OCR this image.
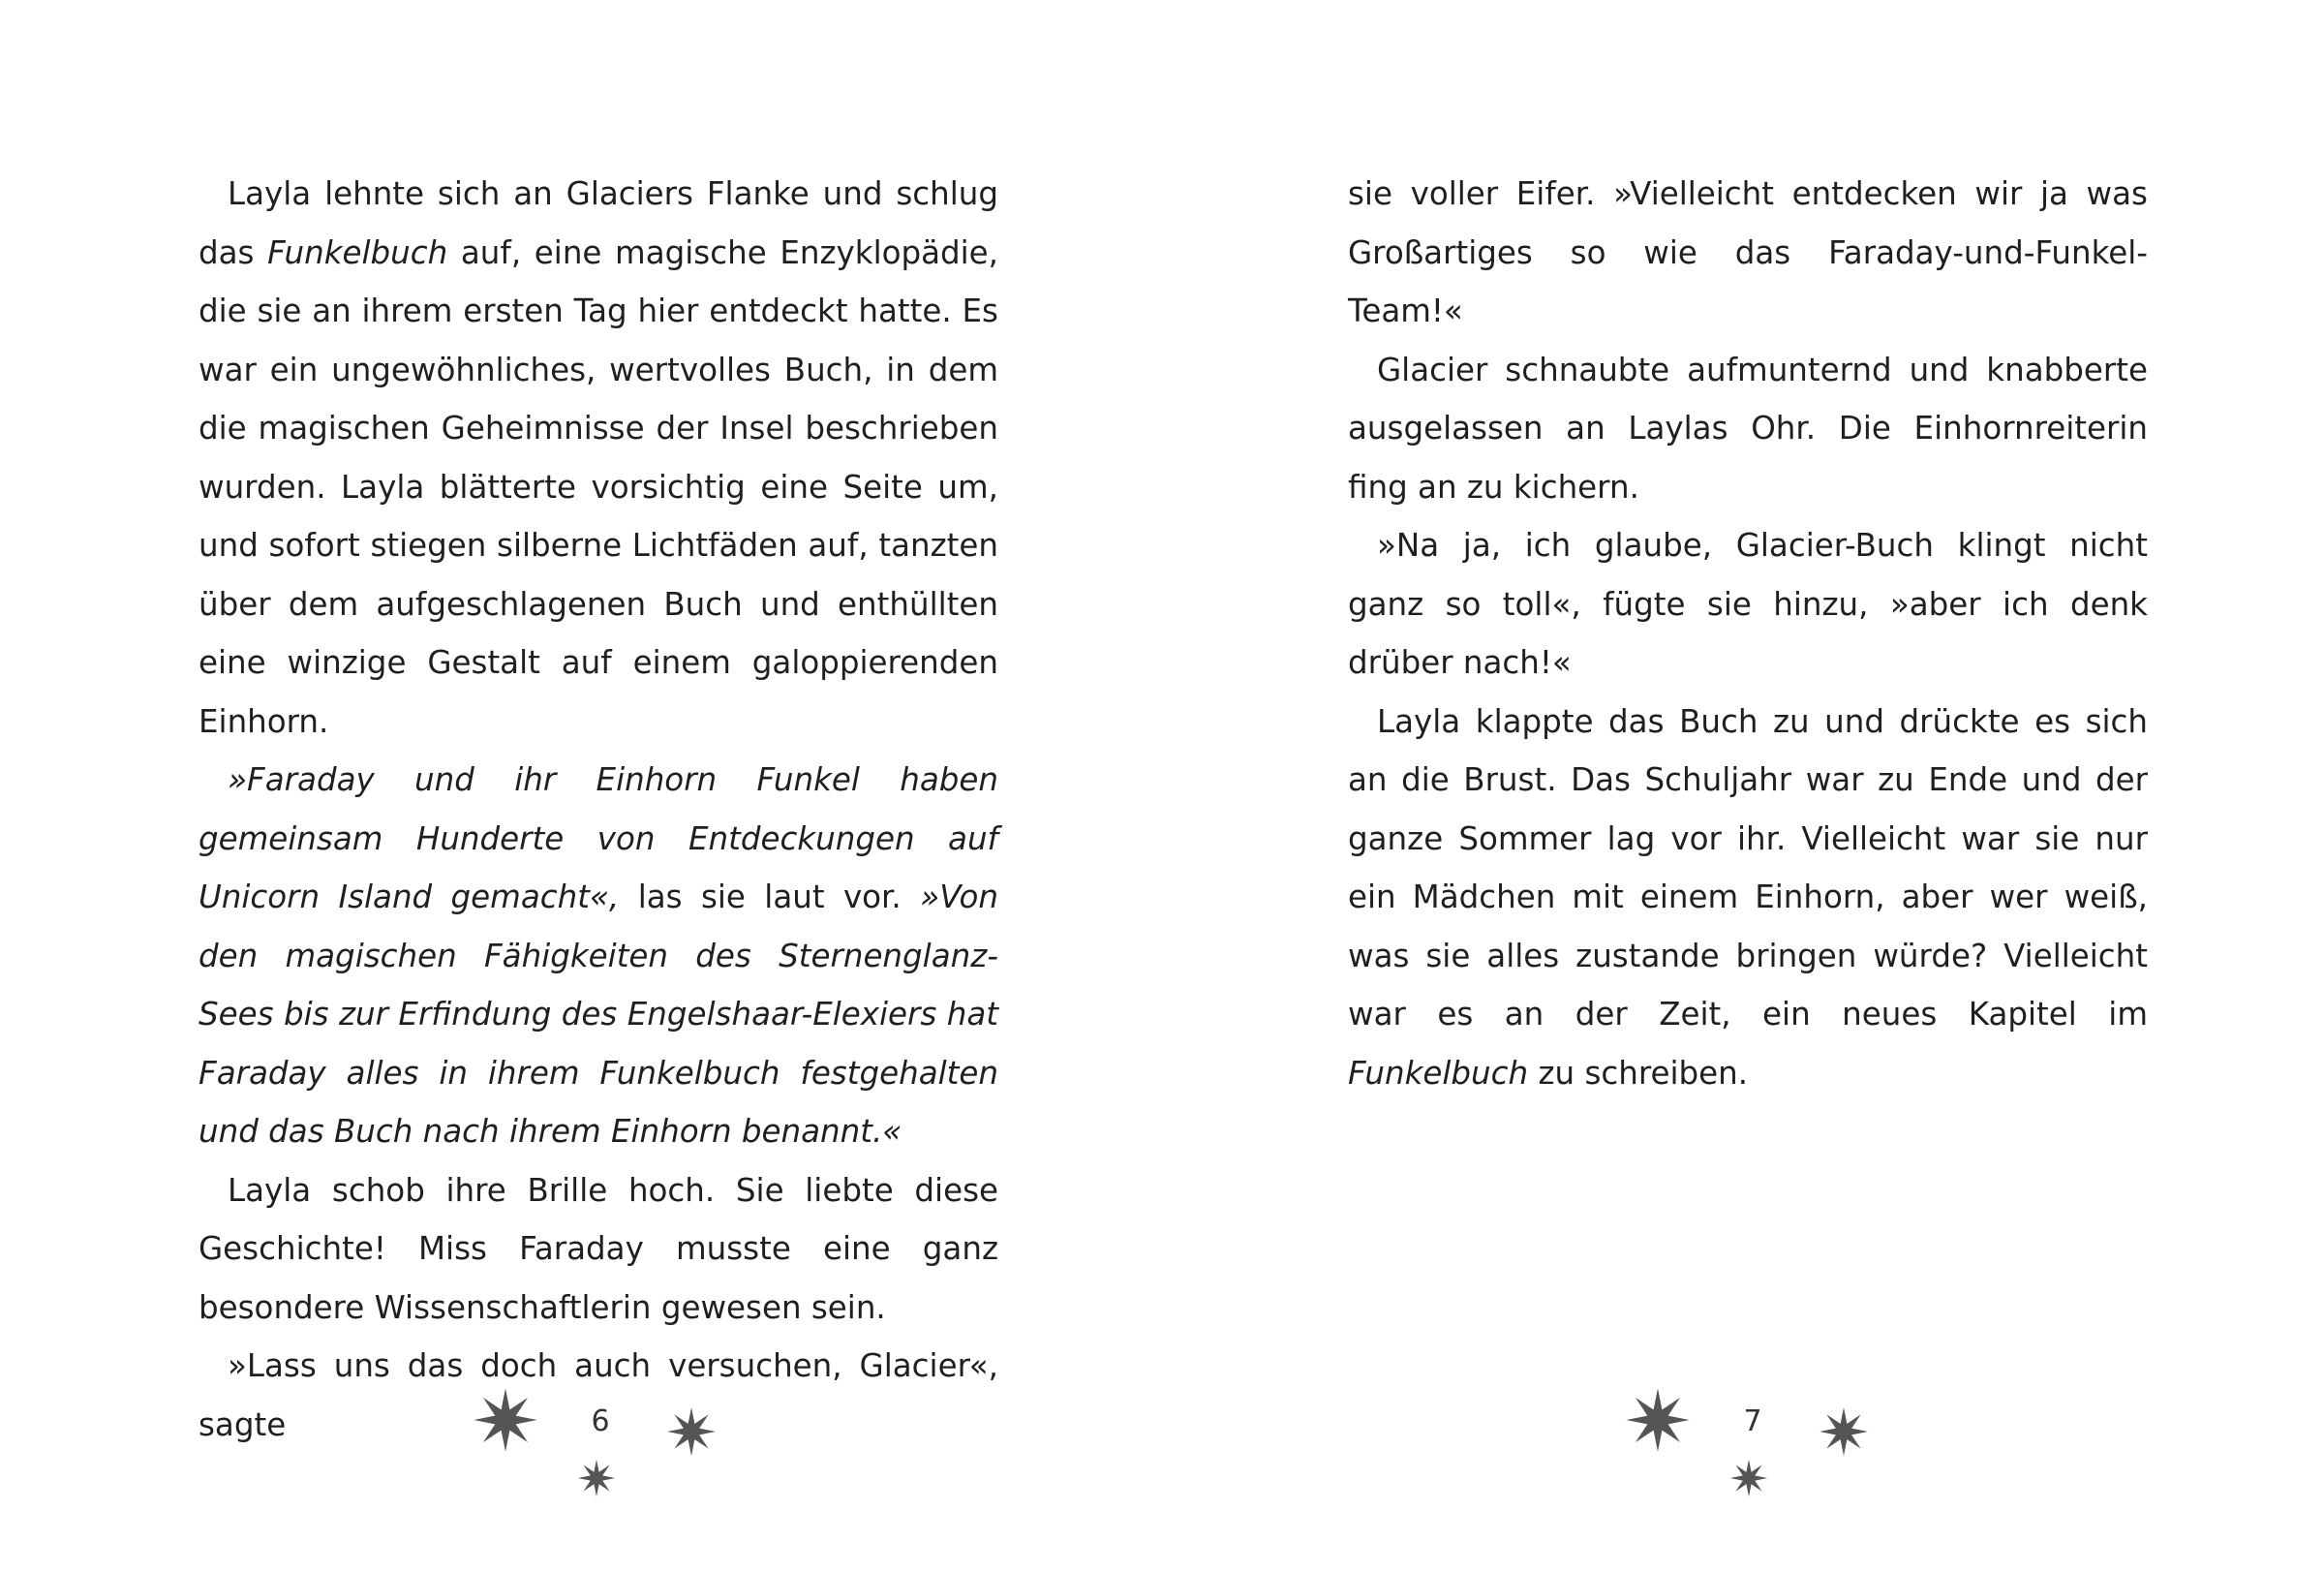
Layla lehnte sich an Glaciers Flanke und schlug das Funkelbuch auf, eine magische Enzyklopädie, die sie an ihrem ersten Tag hier entdeckt hatte. Es war ein ungewöhnliches, wertvolles Buch, in dem die magischen Geheimnisse der Insel beschrieben wurden. Layla blätterte vorsichtig eine Seite um, und sofort stiegen silberne Lichtfäden auf, tanzten über dem aufgeschlagenen Buch und enthüllten eine winzige Gestalt auf einem galoppierenden Einhorn.

»Faraday und ihr Einhorn Funkel haben gemeinsam Hunderte von Entdeckungen auf Unicorn Island gemacht«, las sie laut vor. »Von den magischen Fähigkeiten des Sternenglanz-Sees bis zur Erfindung des Engelshaar-Elexiers hat Faraday alles in ihrem Funkelbuch festgehalten und das Buch nach ihrem Einhorn benannt.«

Layla schob ihre Brille hoch. Sie liebte diese Geschichte! Miss Faraday musste eine ganz besondere Wissenschaftlerin gewesen sein.

»Lass uns das doch auch versuchen, Glacier«, sagte	6

sie voller Eifer. »Vielleicht entdecken wir ja was Großartiges so wie das Faraday-und-Funkel-Team!«

Glacier schnaubte aufmunternd und knabberte ausgelassen an Laylas Ohr. Die Einhornreiterin fing an zu kichern.

»Na ja, ich glaube, Glacier-Buch klingt nicht ganz so toll«, fügte sie hinzu, »aber ich denk drüber nach!«

Layla klappte das Buch zu und drückte es sich an die Brust. Das Schuljahr war zu Ende und der ganze Sommer lag vor ihr. Vielleicht war sie nur ein Mädchen mit einem Einhorn, aber wer weiß, was sie alles zustande bringen würde? Vielleicht war es an der Zeit, ein neues Kapitel im Funkelbuch zu schreiben.

7
